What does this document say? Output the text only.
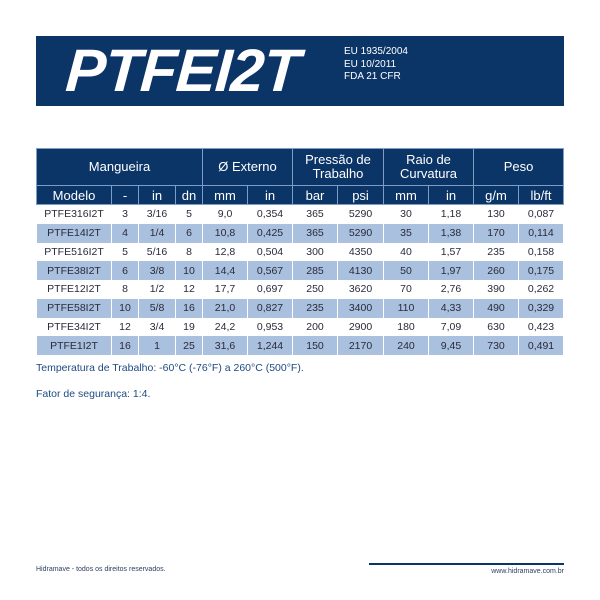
PTFEI2T	EU 1935/2004
EU 10/2011
FDA 21 CFR
Mangueira				Ø Externo		Pressão de Trabalho		Raio de Curvatura		Peso	
Modelo	-	in	dn	mm	in	bar	psi	mm	in	g/m	lb/ft
PTFE316I2T	3	3/16	5	9,0	0,354	365	5290	30	1,18	130	0,087
PTFE14I2T	4	1/4	6	10,8	0,425	365	5290	35	1,38	170	0,114
PTFE516I2T	5	5/16	8	12,8	0,504	300	4350	40	1,57	235	0,158
PTFE38I2T	6	3/8	10	14,4	0,567	285	4130	50	1,97	260	0,175
PTFE12I2T	8	1/2	12	17,7	0,697	250	3620	70	2,76	390	0,262
PTFE58I2T	10	5/8	16	21,0	0,827	235	3400	110	4,33	490	0,329
PTFE34I2T	12	3/4	19	24,2	0,953	200	2900	180	7,09	630	0,423
PTFE1I2T	16	1	25	31,6	1,244	150	2170	240	9,45	730	0,491
Temperatura de Trabalho: -60°C (-76°F) a 260°C (500°F).
Fator de segurança: 1:4.
Hidramave - todos os direitos reservados.	www.hidramave.com.br
